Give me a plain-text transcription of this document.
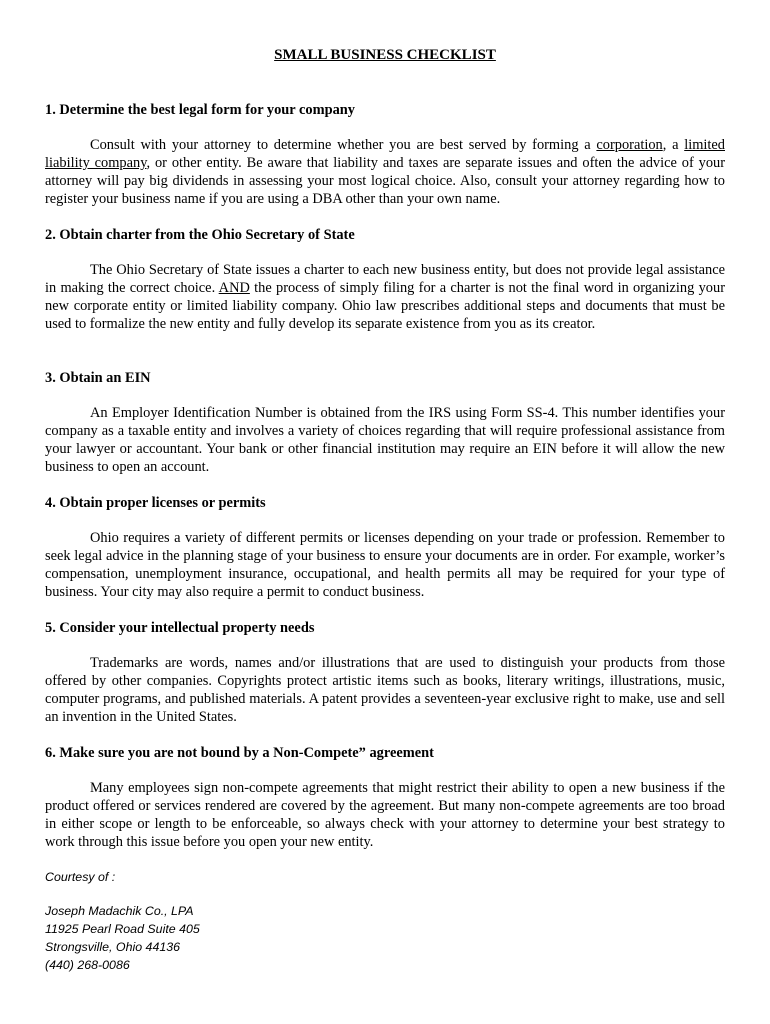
SMALL BUSINESS CHECKLIST
1. Determine the best legal form for your company
Consult with your attorney to determine whether you are best served by forming a corporation, a limited liability company, or other entity. Be aware that liability and taxes are separate issues and often the advice of your attorney will pay big dividends in assessing your most logical choice. Also, consult your attorney regarding how to register your business name if you are using a DBA other than your own name.
2. Obtain charter from the Ohio Secretary of State
The Ohio Secretary of State issues a charter to each new business entity, but does not provide legal assistance in making the correct choice. AND the process of simply filing for a charter is not the final word in organizing your new corporate entity or limited liability company. Ohio law prescribes additional steps and documents that must be used to formalize the new entity and fully develop its separate existence from you as its creator.
3. Obtain an EIN
An Employer Identification Number is obtained from the IRS using Form SS-4. This number identifies your company as a taxable entity and involves a variety of choices regarding that will require professional assistance from your lawyer or accountant. Your bank or other financial institution may require an EIN before it will allow the new business to open an account.
4. Obtain proper licenses or permits
Ohio requires a variety of different permits or licenses depending on your trade or profession. Remember to seek legal advice in the planning stage of your business to ensure your documents are in order. For example, worker’s compensation, unemployment insurance, occupational, and health permits all may be required for your type of business. Your city may also require a permit to conduct business.
5. Consider your intellectual property needs
Trademarks are words, names and/or illustrations that are used to distinguish your products from those offered by other companies. Copyrights protect artistic items such as books, literary writings, illustrations, music, computer programs, and published materials. A patent provides a seventeen-year exclusive right to make, use and sell an invention in the United States.
6. Make sure you are not bound by a Non-Compete” agreement
Many employees sign non-compete agreements that might restrict their ability to open a new business if the product offered or services rendered are covered by the agreement. But many non-compete agreements are too broad in either scope or length to be enforceable, so always check with your attorney to determine your best strategy to work through this issue before you open your new entity.
Courtesy of :
Joseph Madachik Co., LPA
11925 Pearl Road Suite 405
Strongsville, Ohio 44136
(440) 268-0086
